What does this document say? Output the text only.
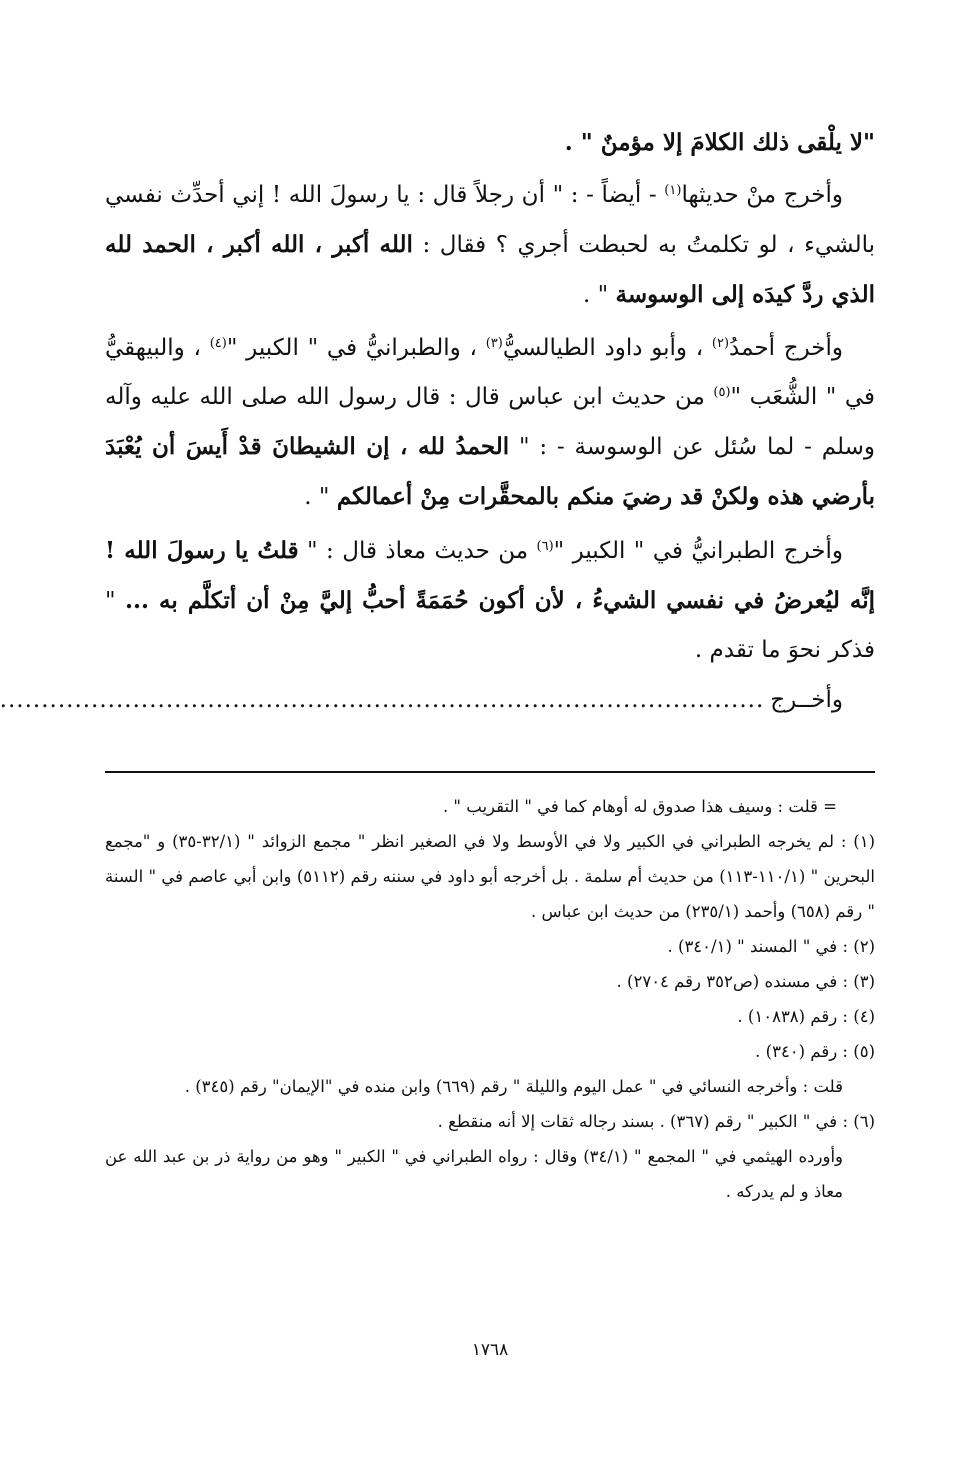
"لا يلْقى ذلك الكلامَ إلا مؤمنٌ " .

وأخرج منْ حديثها$^{(١)}$ - أيضاً - : " أن رجلاً قال : يا رسولَ الله ! إني أحدِّث نفسي بالشيء ، لو تكلمتُ به لحبطت أجري ؟ فقال : الله أكبر ، الله أكبر ، الحمد لله الذي ردَّ كيدَه إلى الوسوسة " .

وأخرج أحمدُ$^{(٢)}$ ، وأبو داود الطيالسيُّ$^{(٣)}$ ، والطبرانيُّ في " الكبير "$^{(٤)}$ ، والبيهقيُّ في " الشُّعَب "$^{(٥)}$ من حديث ابن عباس قال : قال رسول الله صلى الله عليه وآله وسلم - لما سُئل عن الوسوسة - : " الحمدُ لله ، إن الشيطانَ قدْ أَيسَ أن يُعْبَدَ بأرضي هذه ولكنْ قد رضيَ منكم بالمحقَّرات مِنْ أعمالكم " .

وأخرج الطبرانيُّ في " الكبير "$^{(٦)}$ من حديث معاذ قال : " قلتُ يا رسولَ الله ! إنَّه ليُعرضُ في نفسي الشيءُ ، لأن أكون حُمَمَةً أحبُّ إليَّ مِنْ أن أتكلَّم به ... " فذكر نحوَ ما تقدم .

وأخــرج
............................................................................................

= قلت : وسيف هذا صدوق له أوهام كما في " التقريب " .

(١) : لم يخرجه الطبراني في الكبير ولا في الأوسط ولا في الصغير انظر " مجمع الزوائد " (٣٢/١-٣٥) و "مجمع البحرين " (١١٠/١-١١٣) من حديث أم سلمة . بل أخرجه أبو داود في سننه رقم (٥١١٢) وابن أبي عاصم في " السنة " رقم (٦٥٨) وأحمد (٢٣٥/١) من حديث ابن عباس .

(٢) : في " المسند " (٣٤٠/١) .

(٣) : في مسنده (ص٣٥٢ رقم ٢٧٠٤) .

(٤) : رقم (١٠٨٣٨) .

(٥) : رقم (٣٤٠) .

قلت : وأخرجه النسائي في " عمل اليوم والليلة " رقم (٦٦٩) وابن منده في "الإيمان" رقم (٣٤٥) .

(٦) : في " الكبير " رقم (٣٦٧) . بسند رجاله ثقات إلا أنه منقطع .

وأورده الهيثمي في " المجمع " (٣٤/١) وقال : رواه الطبراني في " الكبير " وهو من رواية ذر بن عبد الله عن معاذ و لم يدركه .

١٧٦٨
